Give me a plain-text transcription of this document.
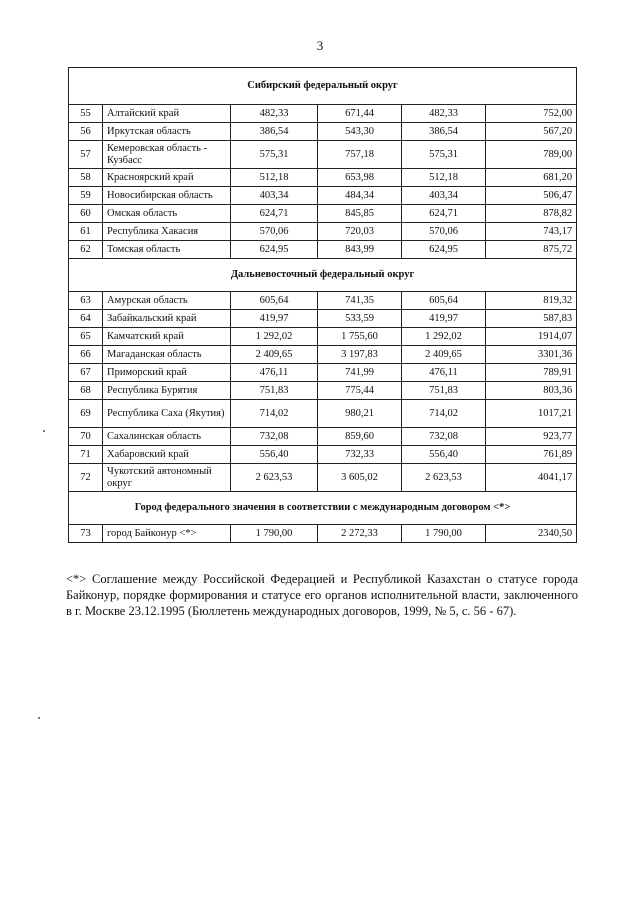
3
Сибирский федеральный округ					
55	Алтайский край	482,33	671,44	482,33	752,00
56	Иркутская область	386,54	543,30	386,54	567,20
57	Кемеровская область - Кузбасс	575,31	757,18	575,31	789,00
58	Красноярский край	512,18	653,98	512,18	681,20
59	Новосибирская область	403,34	484,34	403,34	506,47
60	Омская область	624,71	845,85	624,71	878,82
61	Республика Хакасия	570,06	720,03	570,06	743,17
62	Томская область	624,95	843,99	624,95	875,72
Дальневосточный федеральный округ					
63	Амурская область	605,64	741,35	605,64	819,32
64	Забайкальский край	419,97	533,59	419,97	587,83
65	Камчатский край	1 292,02	1 755,60	1 292,02	1914,07
66	Магаданская область	2 409,65	3 197,83	2 409,65	3301,36
67	Приморский край	476,11	741,99	476,11	789,91
68	Республика Бурятия	751,83	775,44	751,83	803,36
69	Республика Саха (Якутия)	714,02	980,21	714,02	1017,21
70	Сахалинская область	732,08	859,60	732,08	923,77
71	Хабаровский край	556,40	732,33	556,40	761,89
72	Чукотский автономный округ	2 623,53	3 605,02	2 623,53	4041,17
Город федерального значения в соответствии с международным договором <*>					
73	город Байконур <*>	1 790,00	2 272,33	1 790,00	2340,50
<*> Соглашение между Российской Федерацией и Республикой Казахстан о статусе города Байконур, порядке формирования и статусе его органов исполнительной власти, заключенного в г. Москве 23.12.1995 (Бюллетень международных договоров, 1999, № 5, с. 56 - 67).
